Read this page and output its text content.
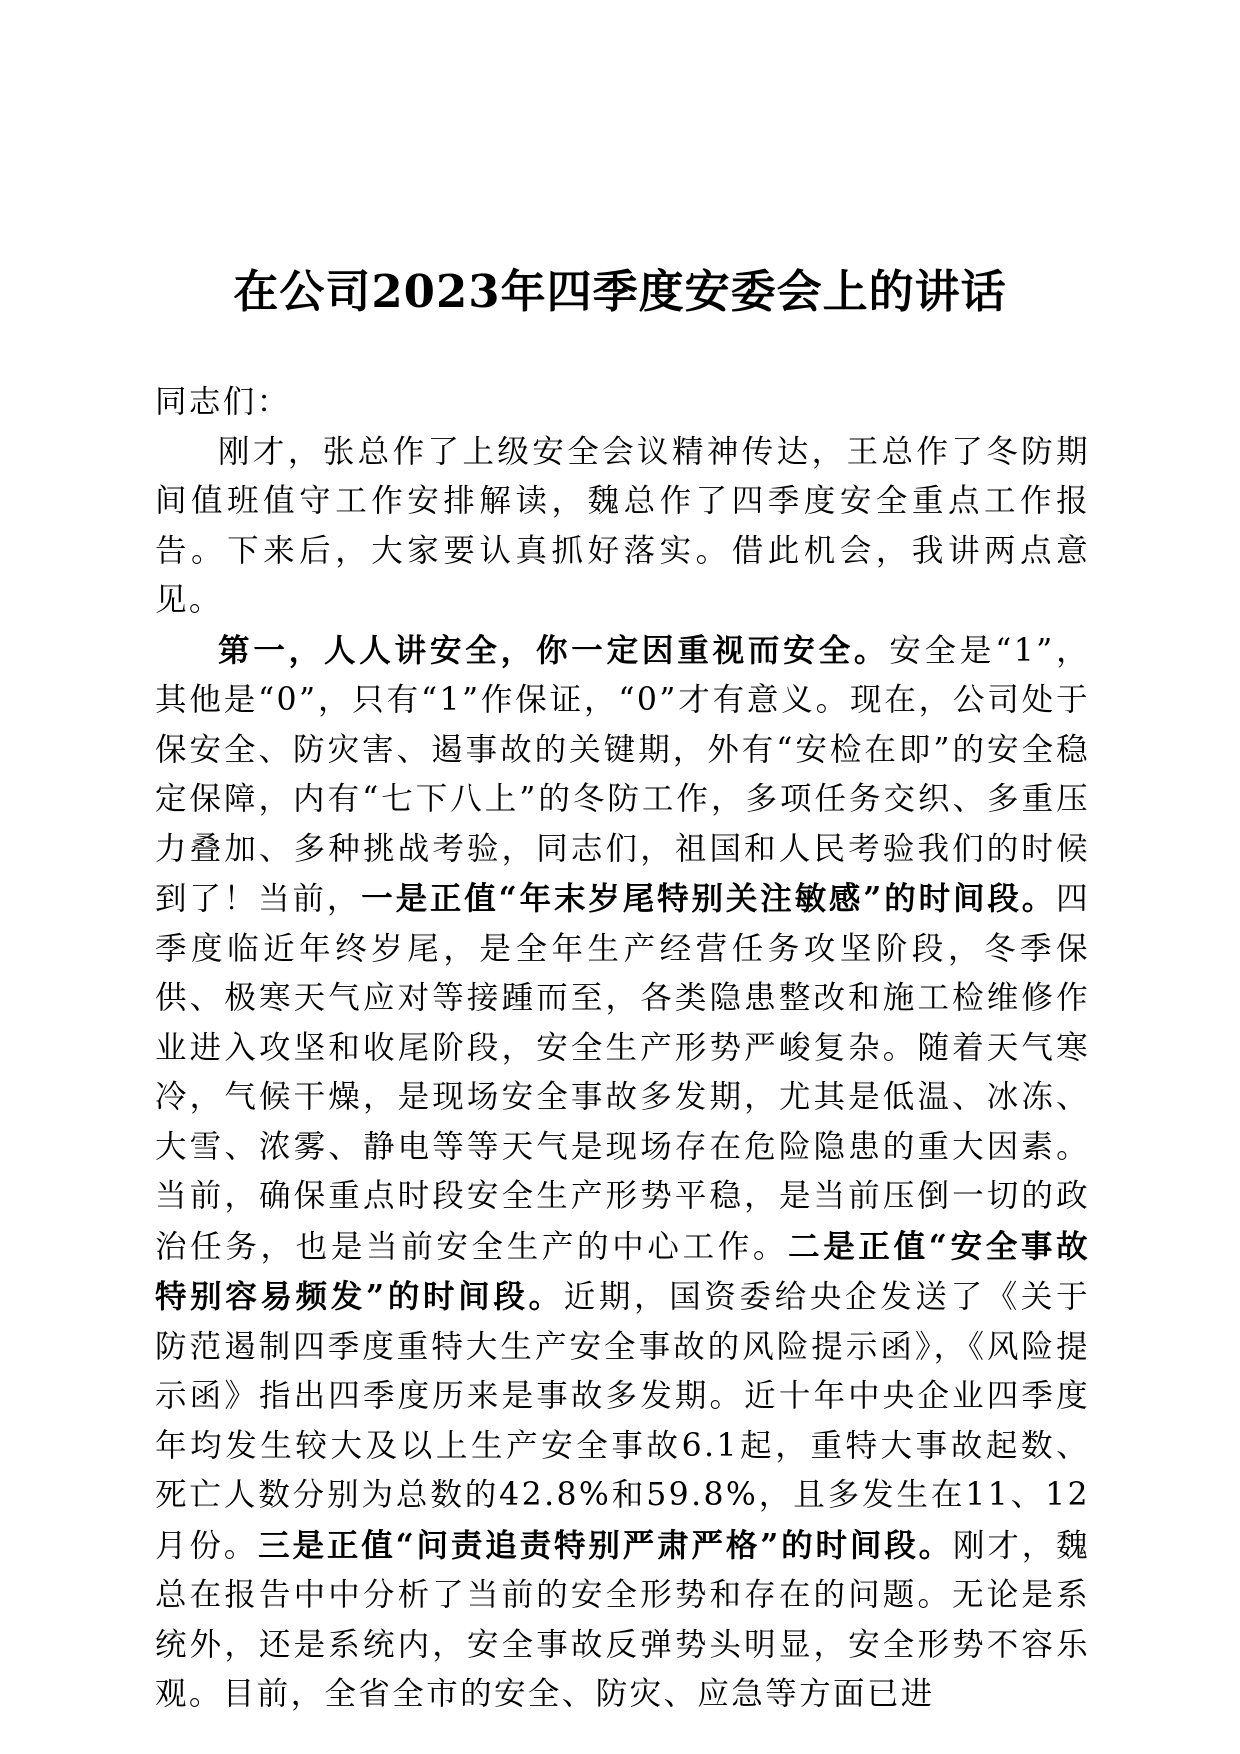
在公司2023年四季度安委会上的讲话

同志们：

刚才，张总作了上级安全会议精神传达，王总作了冬防期间值班值守工作安排解读，魏总作了四季度安全重点工作报告。下来后，大家要认真抓好落实。借此机会，我讲两点意见。

第一，人人讲安全，你一定因重视而安全。安全是“1”，其他是“0”，只有“1”作保证，“0”才有意义。现在，公司处于保安全、防灾害、遏事故的关键期，外有“安检在即”的安全稳定保障，内有“七下八上”的冬防工作，多项任务交织、多重压力叠加、多种挑战考验，同志们，祖国和人民考验我们的时候到了！当前，一是正值“年末岁尾特别关注敏感”的时间段。四季度临近年终岁尾，是全年生产经营任务攻坚阶段，冬季保供、极寒天气应对等接踵而至，各类隐患整改和施工检维修作业进入攻坚和收尾阶段，安全生产形势严峻复杂。随着天气寒冷，气候干燥，是现场安全事故多发期，尤其是低温、冰冻、大雪、浓雾、静电等等天气是现场存在危险隐患的重大因素。当前，确保重点时段安全生产形势平稳，是当前压倒一切的政治任务，也是当前安全生产的中心工作。二是正值“安全事故特别容易频发”的时间段。近期，国资委给央企发送了《关于防范遏制四季度重特大生产安全事故的风险提示函》，《风险提示函》指出四季度历来是事故多发期。近十年中央企业四季度年均发生较大及以上生产安全事故6.1起，重特大事故起数、死亡人数分别为总数的42.8%和59.8%，且多发生在11、12月份。三是正值“问责追责特别严肃严格”的时间段。刚才，魏总在报告中中分析了当前的安全形势和存在的问题。无论是系统外，还是系统内，安全事故反弹势头明显，安全形势不容乐观。目前，全省全市的安全、防灾、应急等方面已进
